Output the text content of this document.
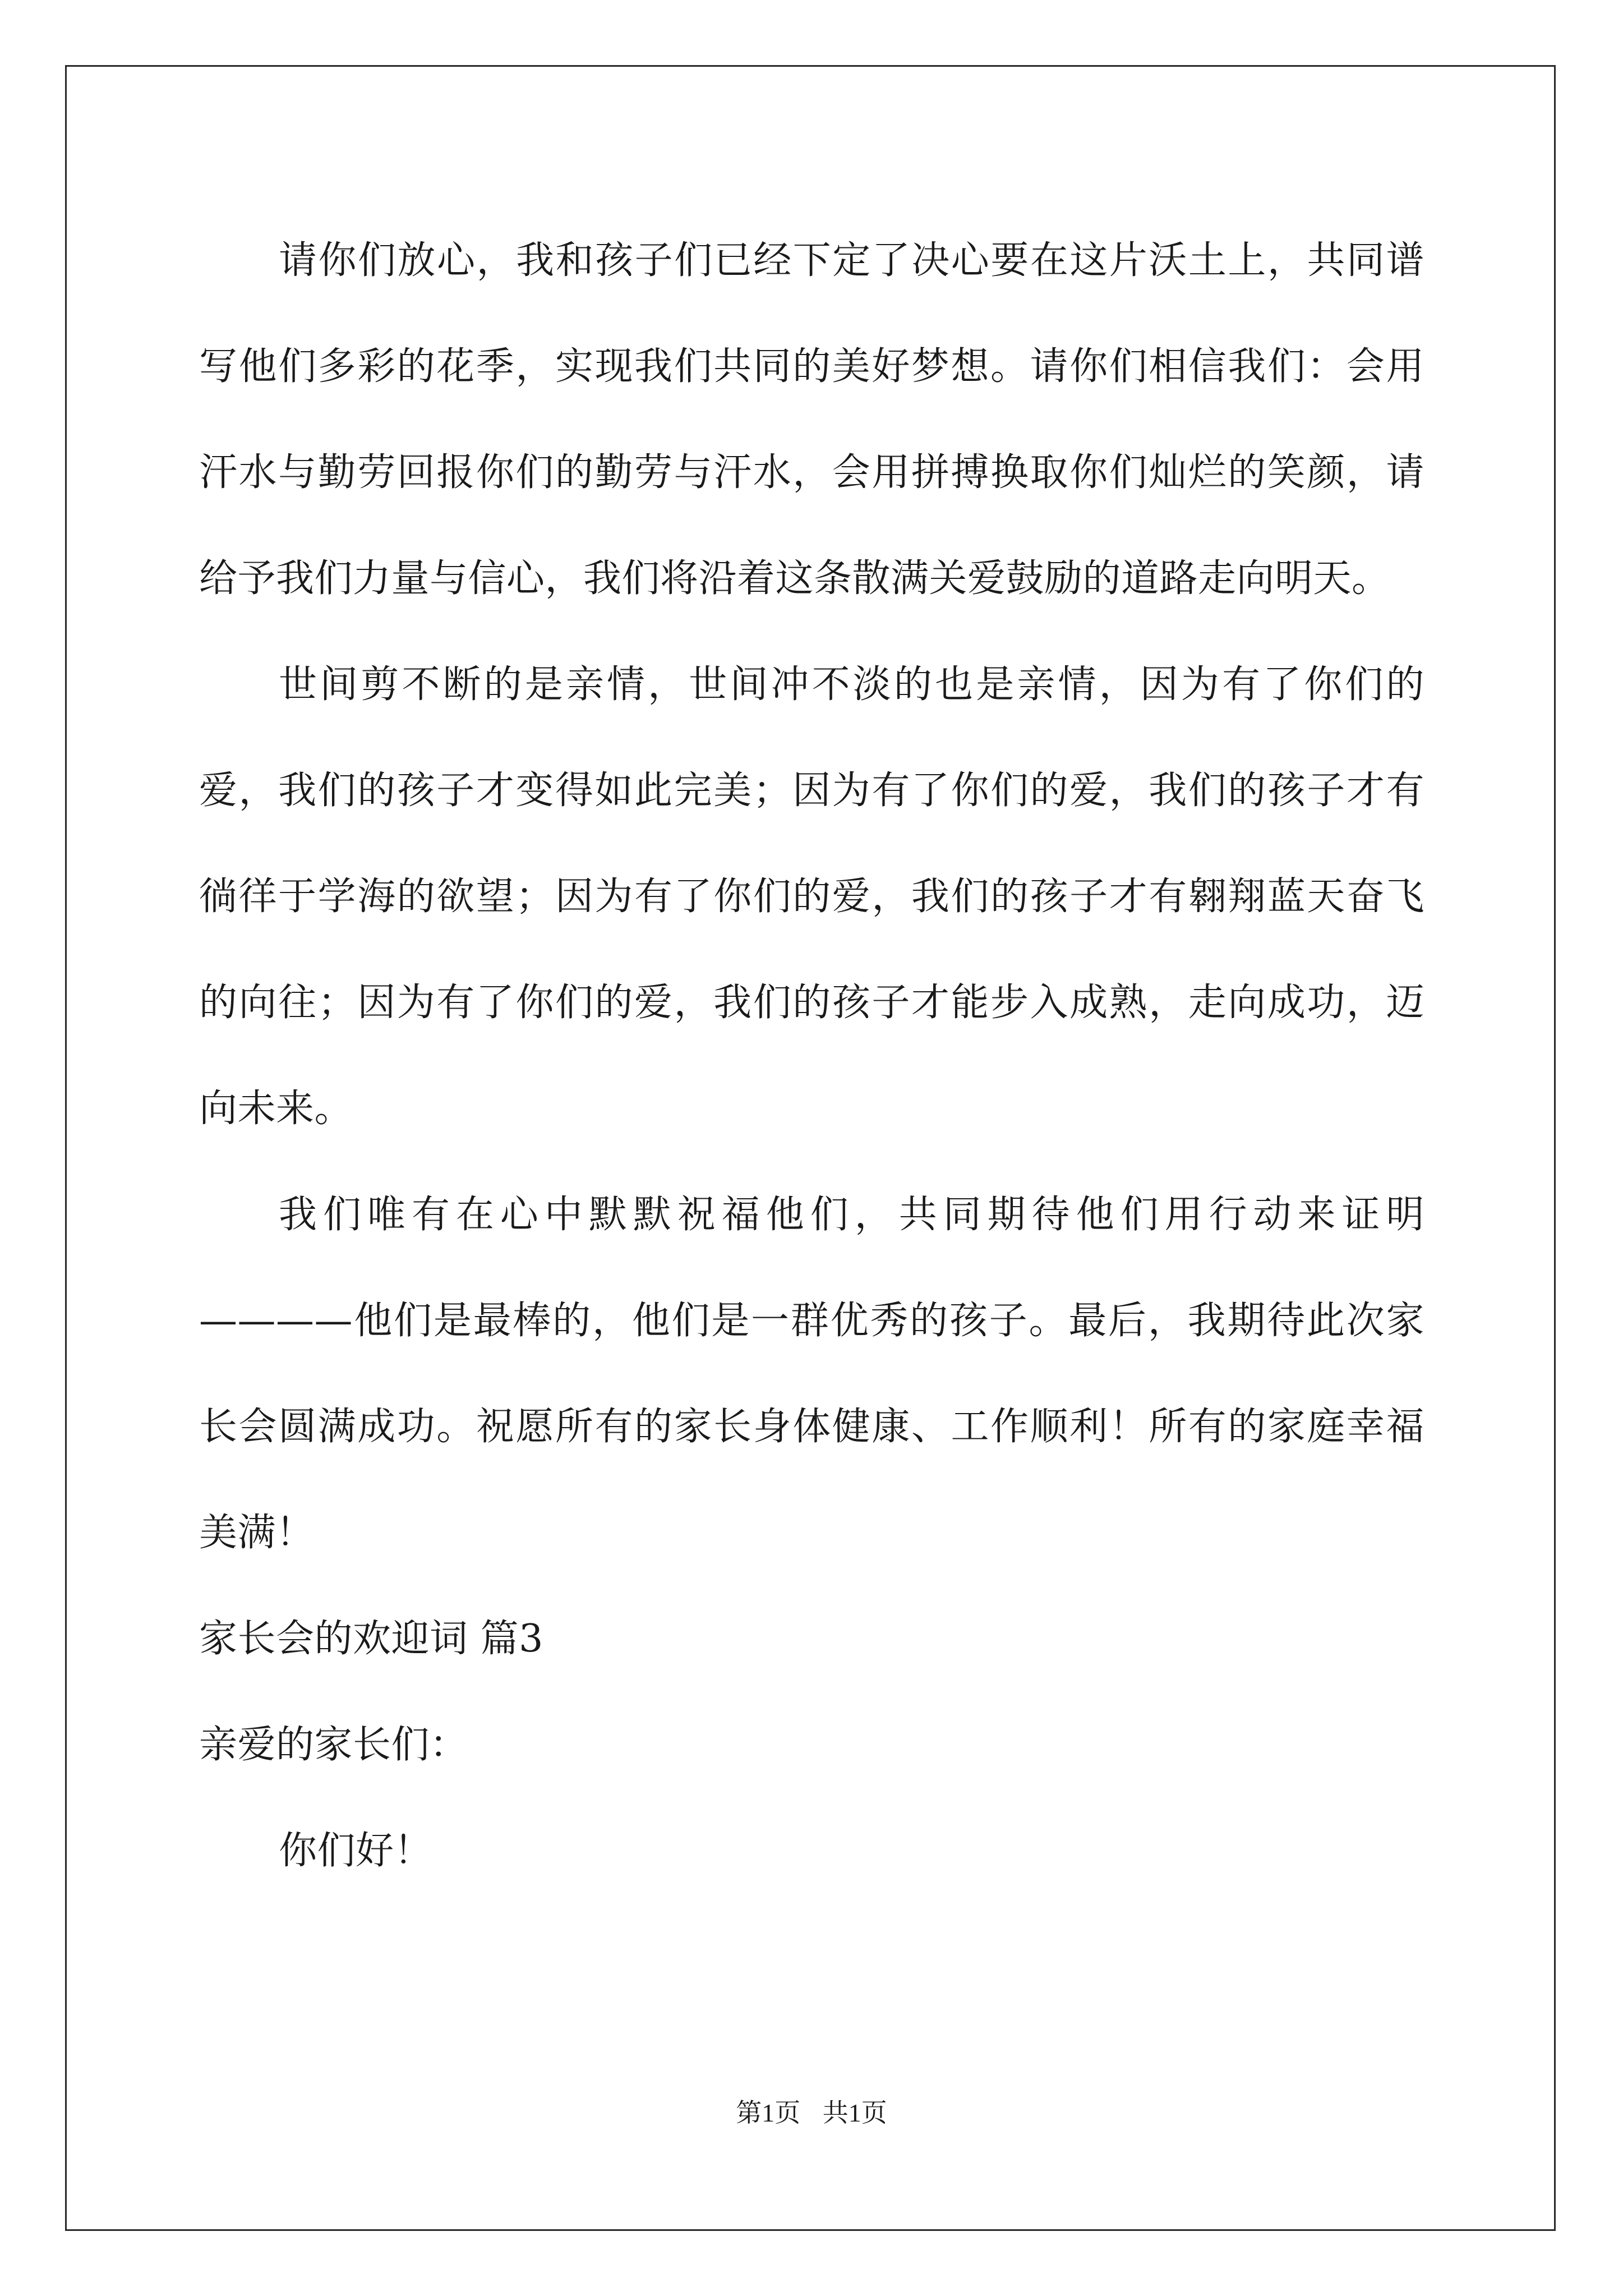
请你们放心，我和孩子们已经下定了决心要在这片沃土上，共同谱写他们多彩的花季，实现我们共同的美好梦想。请你们相信我们：会用汗水与勤劳回报你们的勤劳与汗水，会用拼搏换取你们灿烂的笑颜，请给予我们力量与信心，我们将沿着这条散满关爱鼓励的道路走向明天。

世间剪不断的是亲情，世间冲不淡的也是亲情，因为有了你们的爱，我们的孩子才变得如此完美；因为有了你们的爱，我们的孩子才有徜徉于学海的欲望；因为有了你们的爱，我们的孩子才有翱翔蓝天奋飞的向往；因为有了你们的爱，我们的孩子才能步入成熟，走向成功，迈向未来。

我们唯有在心中默默祝福他们，共同期待他们用行动来证明————他们是最棒的，他们是一群优秀的孩子。最后，我期待此次家长会圆满成功。祝愿所有的家长身体健康、工作顺利！所有的家庭幸福美满！

家长会的欢迎词 篇3

亲爱的家长们：

你们好！

第1页 共1页
